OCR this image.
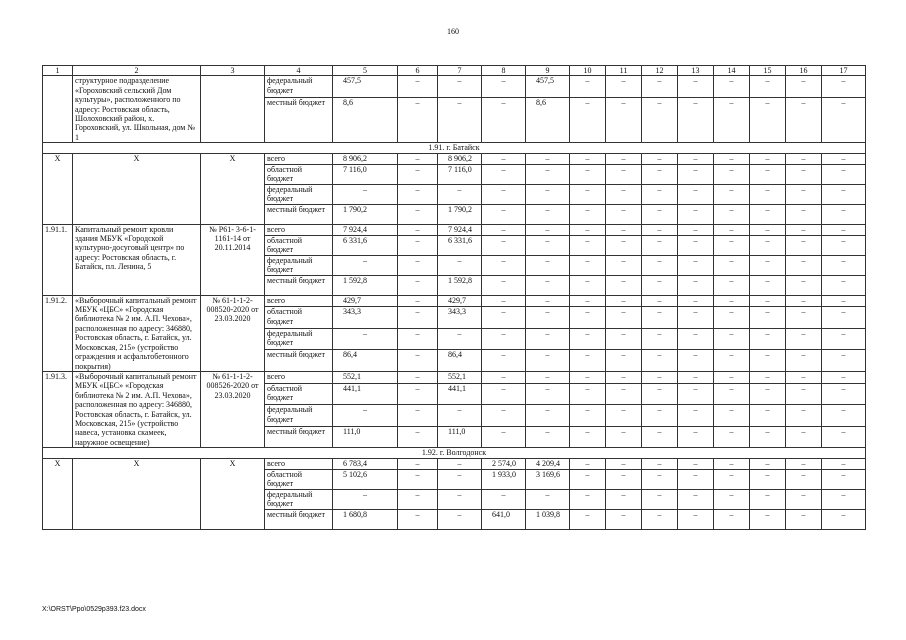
160
1	2	3	4	5	6	7	8	9	10	11	12	13	14	15	16	17
	структурное подразделение «Гороховский сельский Дом культуры», расположенного по адресу: Ростовская область, Шолоховский район, х. Гороховский, ул. Школьная, дом № 1		федеральный бюджет	457,5	–	–	–	457,5	–	–	–	–	–	–	–	–
			местный бюджет	8,6	–	–	–	8,6	–	–	–	–	–	–	–	–
1.91. г. Батайск																
Х	Х	Х	всего	8 906,2	–	8 906,2	–	–	–	–	–	–	–	–	–	–
			областной бюджет	7 116,0	–	7 116,0	–	–	–	–	–	–	–	–	–	–
			федеральный бюджет	–	–	–	–	–	–	–	–	–	–	–	–	–
			местный бюджет	1 790,2	–	1 790,2	–	–	–	–	–	–	–	–	–	–
1.91.1.	Капитальный ремонт кровли здания МБУК «Городской культурно-досуговый центр» по адресу: Ростовская область, г. Батайск, пл. Ленина, 5	№ Р61- 3-6-1-1161-14 от 20.11.2014	всего	7 924,4	–	7 924,4	–	–	–	–	–	–	–	–	–	–
			областной бюджет	6 331,6	–	6 331,6	–	–	–	–	–	–	–	–	–	–
			федеральный бюджет	–	–	–	–	–	–	–	–	–	–	–	–	–
			местный бюджет	1 592,8	–	1 592,8	–	–	–	–	–	–	–	–	–	–
1.91.2.	«Выборочный капитальный ремонт МБУК «ЦБС» «Городская библиотека № 2 им. А.П. Чехова», расположенная по адресу: 346880, Ростовская область, г. Батайск, ул. Московская, 215» (устройство ограждения и асфальтобетонного покрытия)	№ 61-1-1-2-008520-2020 от 23.03.2020	всего	429,7	–	429,7	–	–	–	–	–	–	–	–	–	–
			областной бюджет	343,3	–	343,3	–	–	–	–	–	–	–	–	–	–
			федеральный бюджет	–	–	–	–	–	–	–	–	–	–	–	–	–
			местный бюджет	86,4	–	86,4	–	–	–	–	–	–	–	–	–	–
1.91.3.	«Выборочный капитальный ремонт МБУК «ЦБС» «Городская библиотека № 2 им. А.П. Чехова», расположенная по адресу: 346880, Ростовская область, г. Батайск, ул. Московская, 215» (устройство навеса, установка скамеек, наружное освещение)	№ 61-1-1-2-008526-2020 от 23.03.2020	всего	552,1	–	552,1	–	–	–	–	–	–	–	–	–	–
			областной бюджет	441,1	–	441,1	–	–	–	–	–	–	–	–	–	–
			федеральный бюджет	–	–	–	–	–	–	–	–	–	–	–	–	–
			местный бюджет	111,0	–	111,0	–	–	–	–	–	–	–	–	–	–
1.92. г. Волгодонск																
Х	Х	Х	всего	6 783,4	–	–	2 574,0	4 209,4	–	–	–	–	–	–	–	–
			областной бюджет	5 102,6	–	–	1 933,0	3 169,6	–	–	–	–	–	–	–	–
			федеральный бюджет	–	–	–	–	–	–	–	–	–	–	–	–	–
			местный бюджет	1 680,8	–	–	641,0	1 039,8	–	–	–	–	–	–	–	–
X:\ORST\Ppo\0529p393.f23.docx
